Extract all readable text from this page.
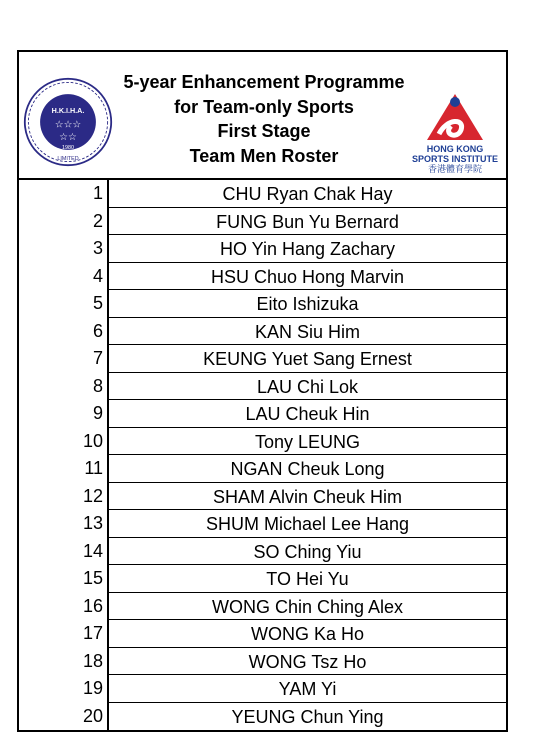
H.K.I.H.A.
☆☆☆
☆☆
1980
LIMITED
5-year Enhancement Programme
for Team-only Sports
First Stage
Team Men Roster	HONG KONG
SPORTS INSTITUTE
香港體育學院
1	CHU Ryan Chak Hay
2	FUNG Bun Yu Bernard
3	HO Yin Hang Zachary
4	HSU Chuo Hong Marvin
5	Eito Ishizuka
6	KAN Siu Him
7	KEUNG Yuet Sang Ernest
8	LAU Chi Lok
9	LAU Cheuk Hin
10	Tony LEUNG
11	NGAN Cheuk Long
12	SHAM Alvin Cheuk Him
13	SHUM Michael Lee Hang
14	SO Ching Yiu
15	TO Hei Yu
16	WONG Chin Ching Alex
17	WONG Ka Ho
18	WONG Tsz Ho
19	YAM Yi
20	YEUNG Chun Ying
